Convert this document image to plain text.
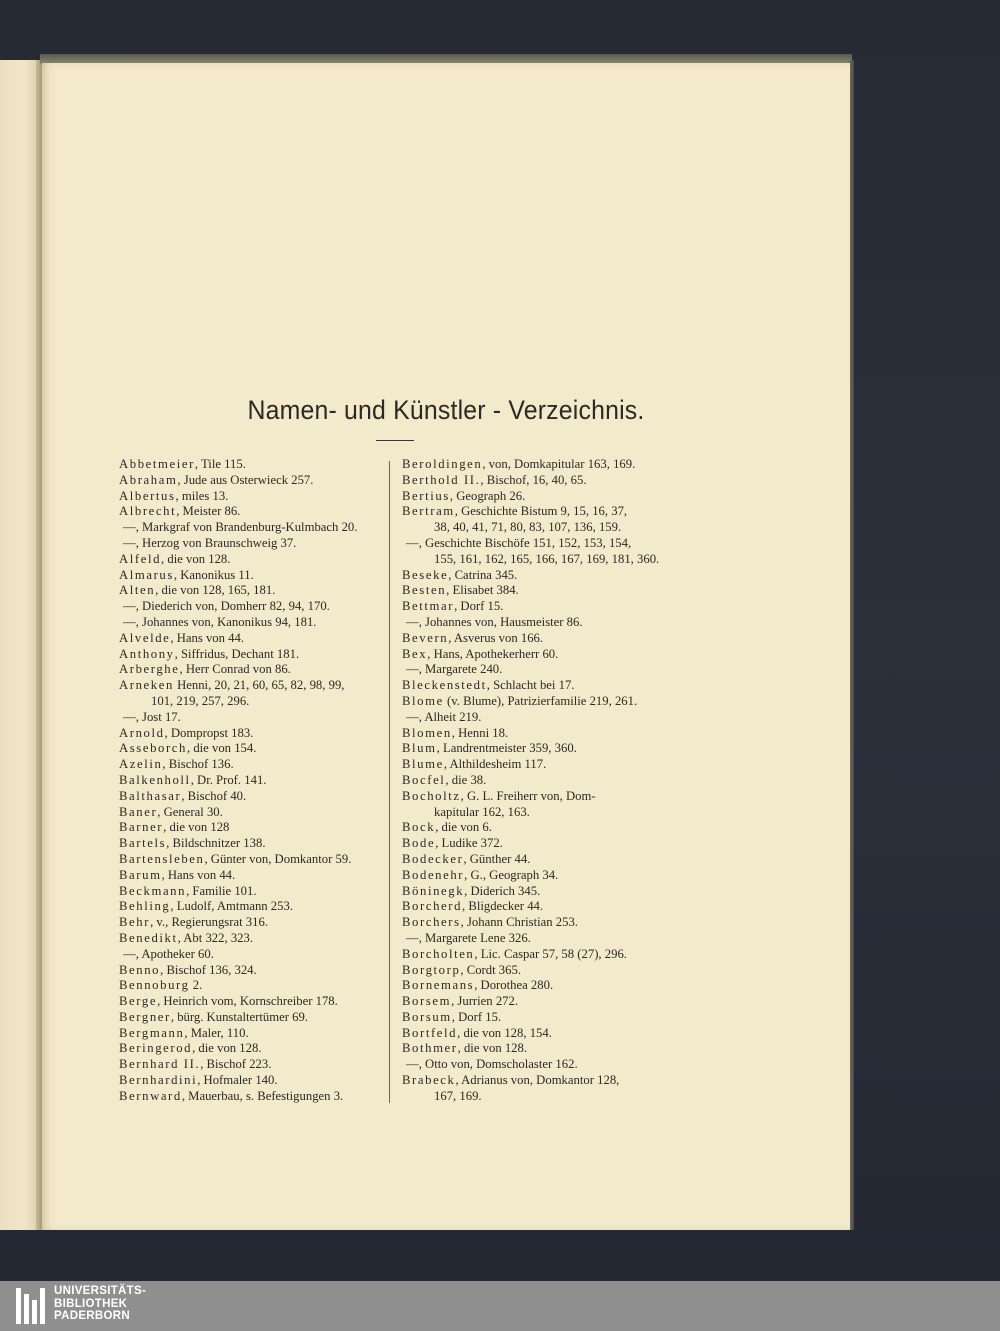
Namen- und Künstler - Verzeichnis.
Abbetmeier, Tile 115.
Abraham, Jude aus Osterwieck 257.
Albertus, miles 13.
Albrecht, Meister 86.
—, Markgraf von Brandenburg-Kulmbach 20.
—, Herzog von Braunschweig 37.
Alfeld, die von 128.
Almarus, Kanonikus 11.
Alten, die von 128, 165, 181.
—, Diederich von, Domherr 82, 94, 170.
—, Johannes von, Kanonikus 94, 181.
Alvelde, Hans von 44.
Anthony, Siffridus, Dechant 181.
Arberghe, Herr Conrad von 86.
Arneken Henni, 20, 21, 60, 65, 82, 98, 99,
101, 219, 257, 296.
—, Jost 17.
Arnold, Dompropst 183.
Asseborch, die von 154.
Azelin, Bischof 136.
Balkenholl, Dr. Prof. 141.
Balthasar, Bischof 40.
Baner, General 30.
Barner, die von 128
Bartels, Bildschnitzer 138.
Bartensleben, Günter von, Domkantor 59.
Barum, Hans von 44.
Beckmann, Familie 101.
Behling, Ludolf, Amtmann 253.
Behr, v., Regierungsrat 316.
Benedikt, Abt 322, 323.
—, Apotheker 60.
Benno, Bischof 136, 324.
Bennoburg 2.
Berge, Heinrich vom, Kornschreiber 178.
Bergner, bürg. Kunstaltertümer 69.
Bergmann, Maler, 110.
Beringerod, die von 128.
Bernhard II., Bischof 223.
Bernhardini, Hofmaler 140.
Bernward, Mauerbau, s. Befestigungen 3.
Beroldingen, von, Domkapitular 163, 169.
Berthold II., Bischof, 16, 40, 65.
Bertius, Geograph 26.
Bertram, Geschichte Bistum 9, 15, 16, 37,
38, 40, 41, 71, 80, 83, 107, 136, 159.
—, Geschichte Bischöfe 151, 152, 153, 154,
155, 161, 162, 165, 166, 167, 169, 181, 360.
Beseke, Catrina 345.
Besten, Elisabet 384.
Bettmar, Dorf 15.
—, Johannes von, Hausmeister 86.
Bevern, Asverus von 166.
Bex, Hans, Apothekerherr 60.
—, Margarete 240.
Bleckenstedt, Schlacht bei 17.
Blome (v. Blume), Patrizierfamilie 219, 261.
—, Alheit 219.
Blomen, Henni 18.
Blum, Landrentmeister 359, 360.
Blume, Althildesheim 117.
Bocfel, die 38.
Bocholtz, G. L. Freiherr von, Dom-
kapitular 162, 163.
Bock, die von 6.
Bode, Ludike 372.
Bodecker, Günther 44.
Bodenehr, G., Geograph 34.
Böninegk, Diderich 345.
Borcherd, Bligdecker 44.
Borchers, Johann Christian 253.
—, Margarete Lene 326.
Borcholten, Lic. Caspar 57, 58 (27), 296.
Borgtorp, Cordt 365.
Bornemans, Dorothea 280.
Borsem, Jurrien 272.
Borsum, Dorf 15.
Bortfeld, die von 128, 154.
Bothmer, die von 128.
—, Otto von, Domscholaster 162.
Brabeck, Adrianus von, Domkantor 128,
167, 169.
UNIVERSITÄTS-
BIBLIOTHEK
PADERBORN
